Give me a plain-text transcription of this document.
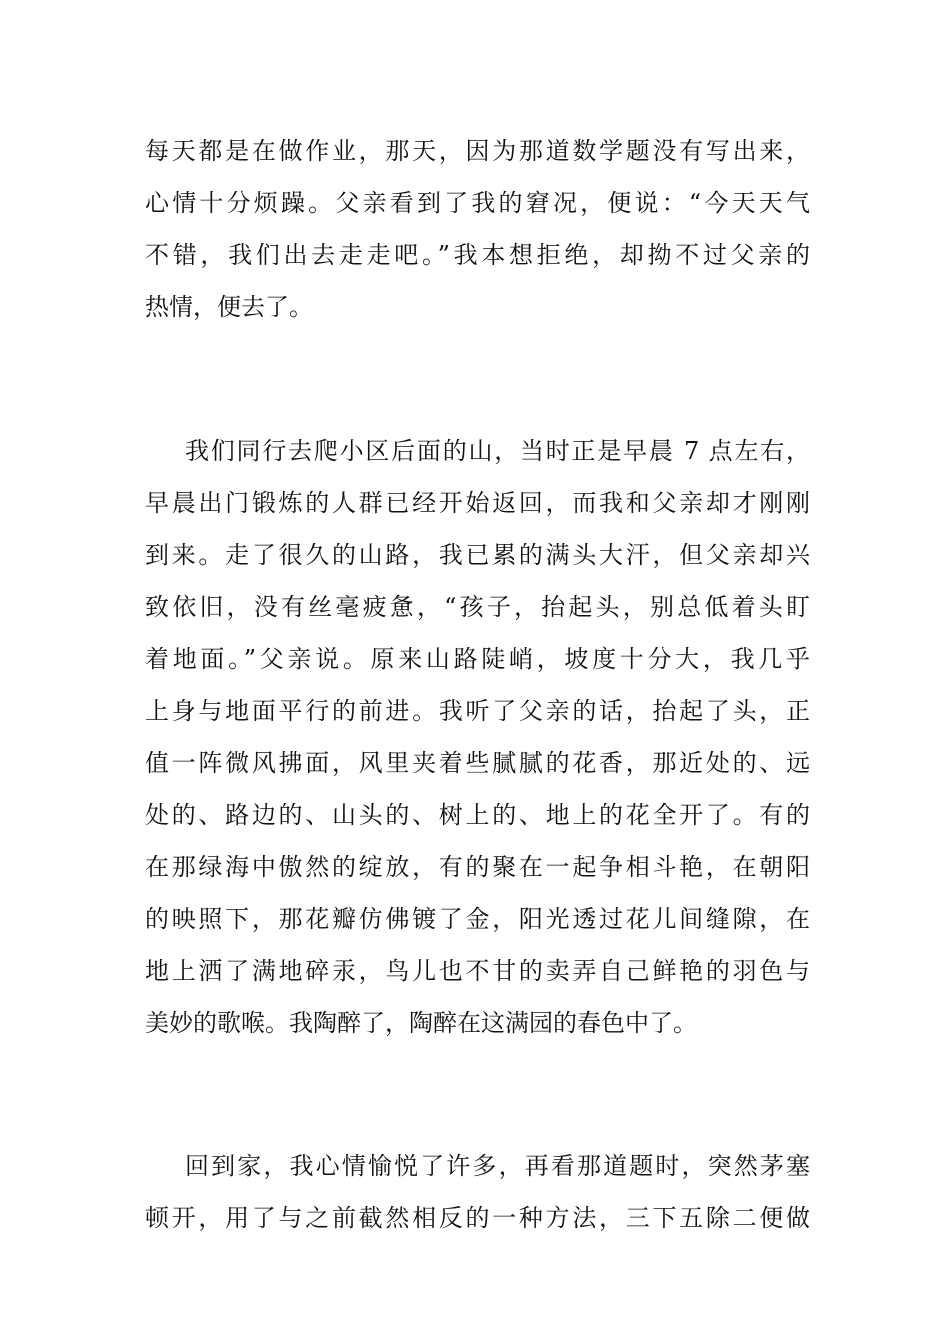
每天都是在做作业，那天，因为那道数学题没有写出来，
心情十分烦躁。父亲看到了我的窘况，便说：“今天天气
不错，我们出去走走吧。”我本想拒绝，却拗不过父亲的
热情，便去了。
我们同行去爬小区后面的山，当时正是早晨 7 点左右，
早晨出门锻炼的人群已经开始返回，而我和父亲却才刚刚
到来。走了很久的山路，我已累的满头大汗，但父亲却兴
致依旧，没有丝毫疲惫，“孩子，抬起头，别总低着头盯
着地面。”父亲说。原来山路陡峭，坡度十分大，我几乎
上身与地面平行的前进。我听了父亲的话，抬起了头，正
值一阵微风拂面，风里夹着些腻腻的花香，那近处的、远
处的、路边的、山头的、树上的、地上的花全开了。有的
在那绿海中傲然的绽放，有的聚在一起争相斗艳，在朝阳
的映照下，那花瓣仿佛镀了金，阳光透过花儿间缝隙，在
地上洒了满地碎汞，鸟儿也不甘的卖弄自己鲜艳的羽色与
美妙的歌喉。我陶醉了，陶醉在这满园的春色中了。
回到家，我心情愉悦了许多，再看那道题时，突然茅塞
顿开，用了与之前截然相反的一种方法，三下五除二便做
